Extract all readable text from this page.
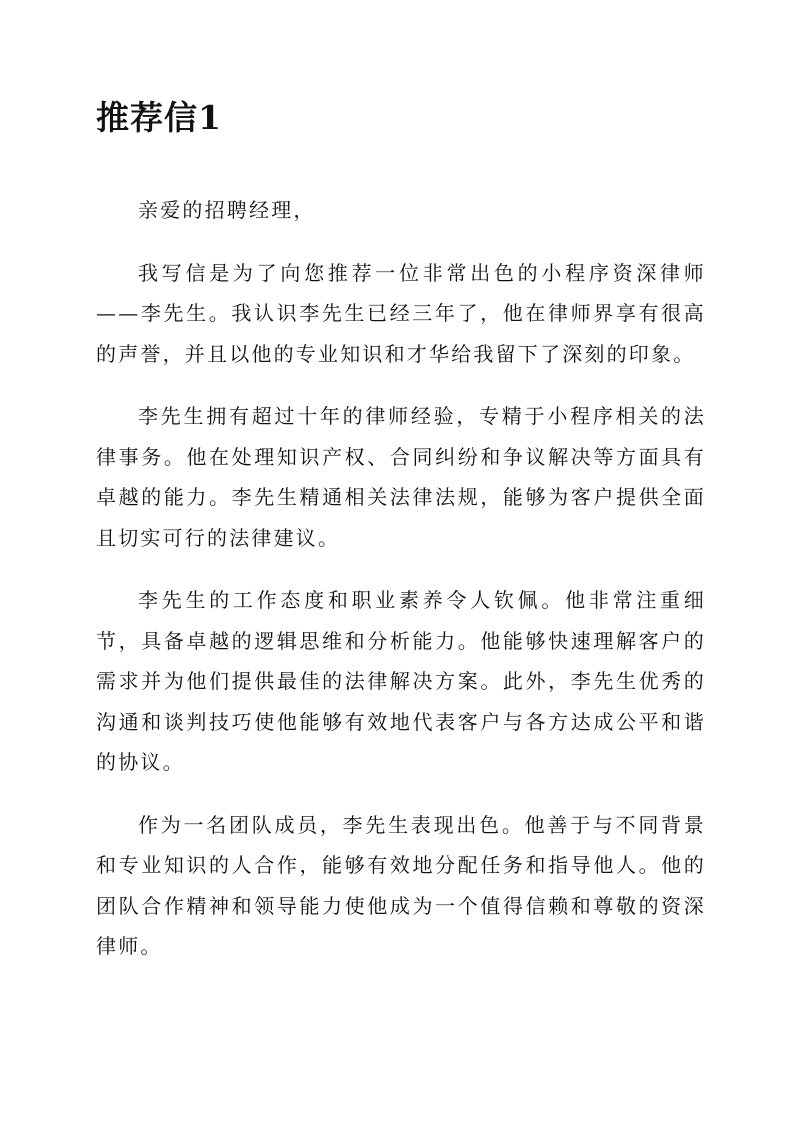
推荐信1

亲爱的招聘经理，

我写信是为了向您推荐一位非常出色的小程序资深律师——李先生。我认识李先生已经三年了，他在律师界享有很高的声誉，并且以他的专业知识和才华给我留下了深刻的印象。

李先生拥有超过十年的律师经验，专精于小程序相关的法律事务。他在处理知识产权、合同纠纷和争议解决等方面具有卓越的能力。李先生精通相关法律法规，能够为客户提供全面且切实可行的法律建议。

李先生的工作态度和职业素养令人钦佩。他非常注重细节，具备卓越的逻辑思维和分析能力。他能够快速理解客户的需求并为他们提供最佳的法律解决方案。此外，李先生优秀的沟通和谈判技巧使他能够有效地代表客户与各方达成公平和谐的协议。

作为一名团队成员，李先生表现出色。他善于与不同背景和专业知识的人合作，能够有效地分配任务和指导他人。他的团队合作精神和领导能力使他成为一个值得信赖和尊敬的资深律师。
